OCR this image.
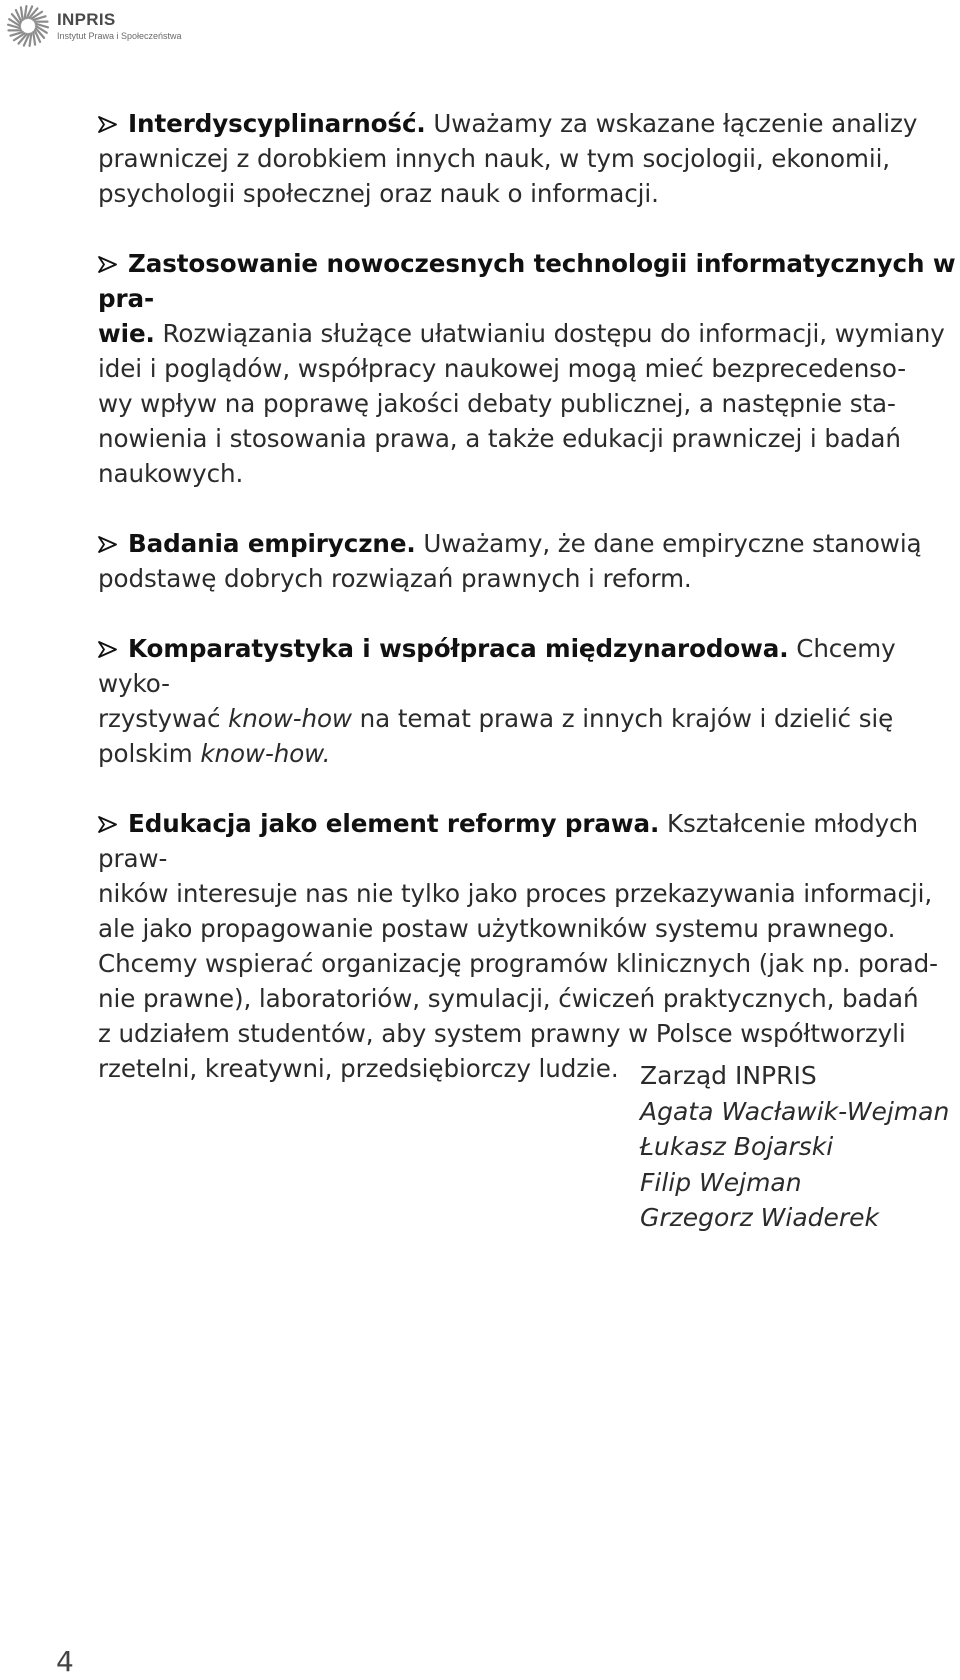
INPRIS
Instytut Prawa i Społeczeństwa
Interdyscyplinarność. Uważamy za wskazane łączenie analizy
prawniczej z dorobkiem innych nauk, w tym socjologii, ekonomii,
psychologii społecznej oraz nauk o informacji.
Zastosowanie nowoczesnych technologii informatycznych w pra-
wie. Rozwiązania służące ułatwianiu dostępu do informacji, wymiany
idei i poglądów, współpracy naukowej mogą mieć bezprecedenso-
wy wpływ na poprawę jakości debaty publicznej, a następnie sta-
nowienia i stosowania prawa, a także edukacji prawniczej i badań
naukowych.
Badania empiryczne. Uważamy, że dane empiryczne stanowią
podstawę dobrych rozwiązań prawnych i reform.
Komparatystyka i współpraca międzynarodowa. Chcemy wyko-
rzystywać know-how na temat prawa z innych krajów i dzielić się
polskim know-how.
Edukacja jako element reformy prawa. Kształcenie młodych praw-
ników interesuje nas nie tylko jako proces przekazywania informacji,
ale jako propagowanie postaw użytkowników systemu prawnego.
Chcemy wspierać organizację programów klinicznych (jak np. porad-
nie prawne), laboratoriów, symulacji, ćwiczeń praktycznych, badań
z udziałem studentów, aby system prawny w Polsce współtworzyli
rzetelni, kreatywni, przedsiębiorczy ludzie. Zarząd INPRIS
Agata Wacławik-Wejman
Łukasz Bojarski
Filip Wejman
Grzegorz Wiaderek
4
